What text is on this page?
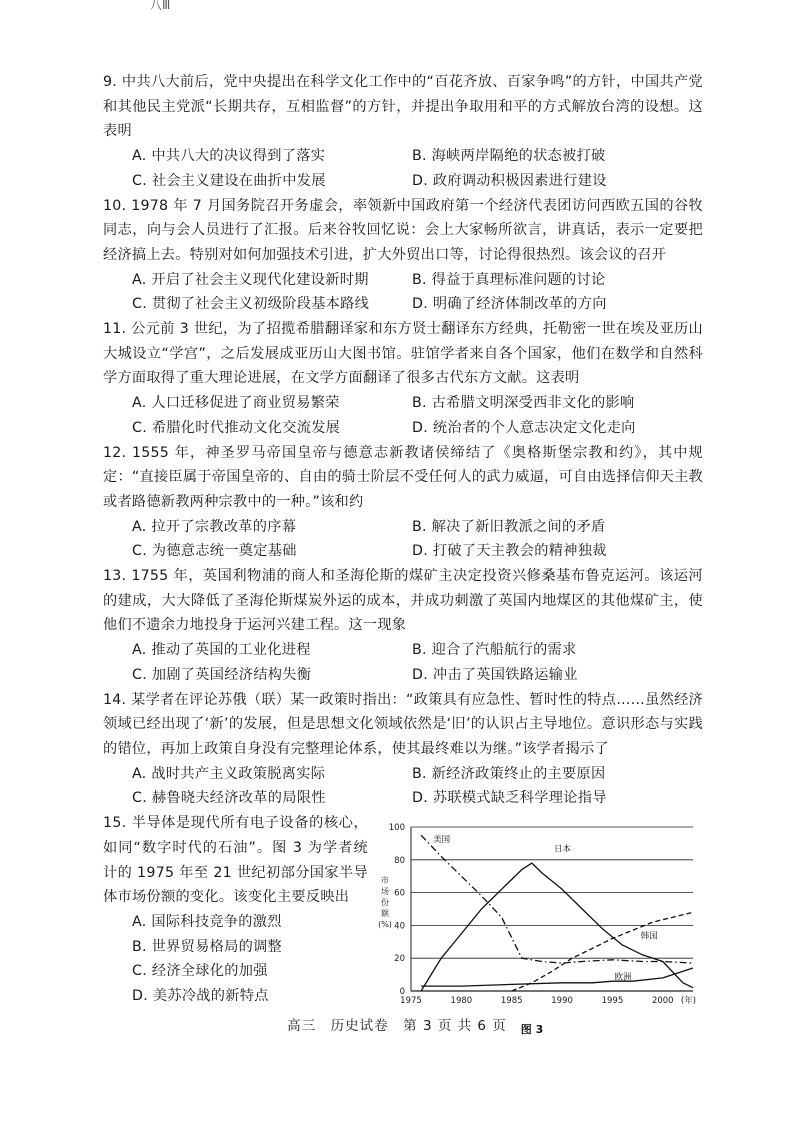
八Ⅲ

9. 中共八大前后，党中央提出在科学文化工作中的“百花齐放、百家争鸣”的方针，中国共产党和其他民主党派“长期共存，互相监督”的方针，并提出争取用和平的方式解放台湾的设想。这表明

A. 中共八大的决议得到了落实	B. 海峡两岸隔绝的状态被打破
C. 社会主义建设在曲折中发展	D. 政府调动积极因素进行建设

10. 1978 年 7 月国务院召开务虚会，率领新中国政府第一个经济代表团访问西欧五国的谷牧同志，向与会人员进行了汇报。后来谷牧回忆说：会上大家畅所欲言，讲真话，表示一定要把经济搞上去。特别对如何加强技术引进，扩大外贸出口等，讨论得很热烈。该会议的召开

A. 开启了社会主义现代化建设新时期	B. 得益于真理标准问题的讨论
C. 贯彻了社会主义初级阶段基本路线	D. 明确了经济体制改革的方向

11. 公元前 3 世纪，为了招揽希腊翻译家和东方贤士翻译东方经典，托勒密一世在埃及亚历山大城设立“学宫”，之后发展成亚历山大图书馆。驻馆学者来自各个国家，他们在数学和自然科学方面取得了重大理论进展，在文学方面翻译了很多古代东方文献。这表明

A. 人口迁移促进了商业贸易繁荣	B. 古希腊文明深受西非文化的影响
C. 希腊化时代推动文化交流发展	D. 统治者的个人意志决定文化走向

12. 1555 年，神圣罗马帝国皇帝与德意志新教诸侯缔结了《奥格斯堡宗教和约》，其中规定：“直接臣属于帝国皇帝的、自由的骑士阶层不受任何人的武力威逼，可自由选择信仰天主教或者路德新教两种宗教中的一种。”该和约

A. 拉开了宗教改革的序幕	B. 解决了新旧教派之间的矛盾
C. 为德意志统一奠定基础	D. 打破了天主教会的精神独裁

13. 1755 年，英国利物浦的商人和圣海伦斯的煤矿主决定投资兴修桑基布鲁克运河。该运河的建成，大大降低了圣海伦斯煤炭外运的成本，并成功刺激了英国内地煤区的其他煤矿主，使他们不遗余力地投身于运河兴建工程。这一现象

A. 推动了英国的工业化进程	B. 迎合了汽船航行的需求
C. 加剧了英国经济结构失衡	D. 冲击了英国铁路运输业

14. 某学者在评论苏俄（联）某一政策时指出：“政策具有应急性、暂时性的特点……虽然经济领域已经出现了‘新’的发展，但是思想文化领域依然是‘旧’的认识占主导地位。意识形态与实践的错位，再加上政策自身没有完整理论体系，使其最终难以为继。”该学者揭示了

A. 战时共产主义政策脱离实际	B. 新经济政策终止的主要原因
C. 赫鲁晓夫经济改革的局限性	D. 苏联模式缺乏科学理论指导

15. 半导体是现代所有电子设备的核心，如同“数字时代的石油”。图 3 为学者统计的 1975 年至 21 世纪初部分国家半导体市场份额的变化。该变化主要反映出

A. 国际科技竞争的激烈
B. 世界贸易格局的调整
C. 经济全球化的加强
D. 美苏冷战的新特点	0
20
40
60
80
100
1975	1980	1985	1990	1995	2000 (年)
市场份额(%)
美国
日本
韩国
欧洲
图 3
高三　历史试卷　第 3 页 共 6 页
